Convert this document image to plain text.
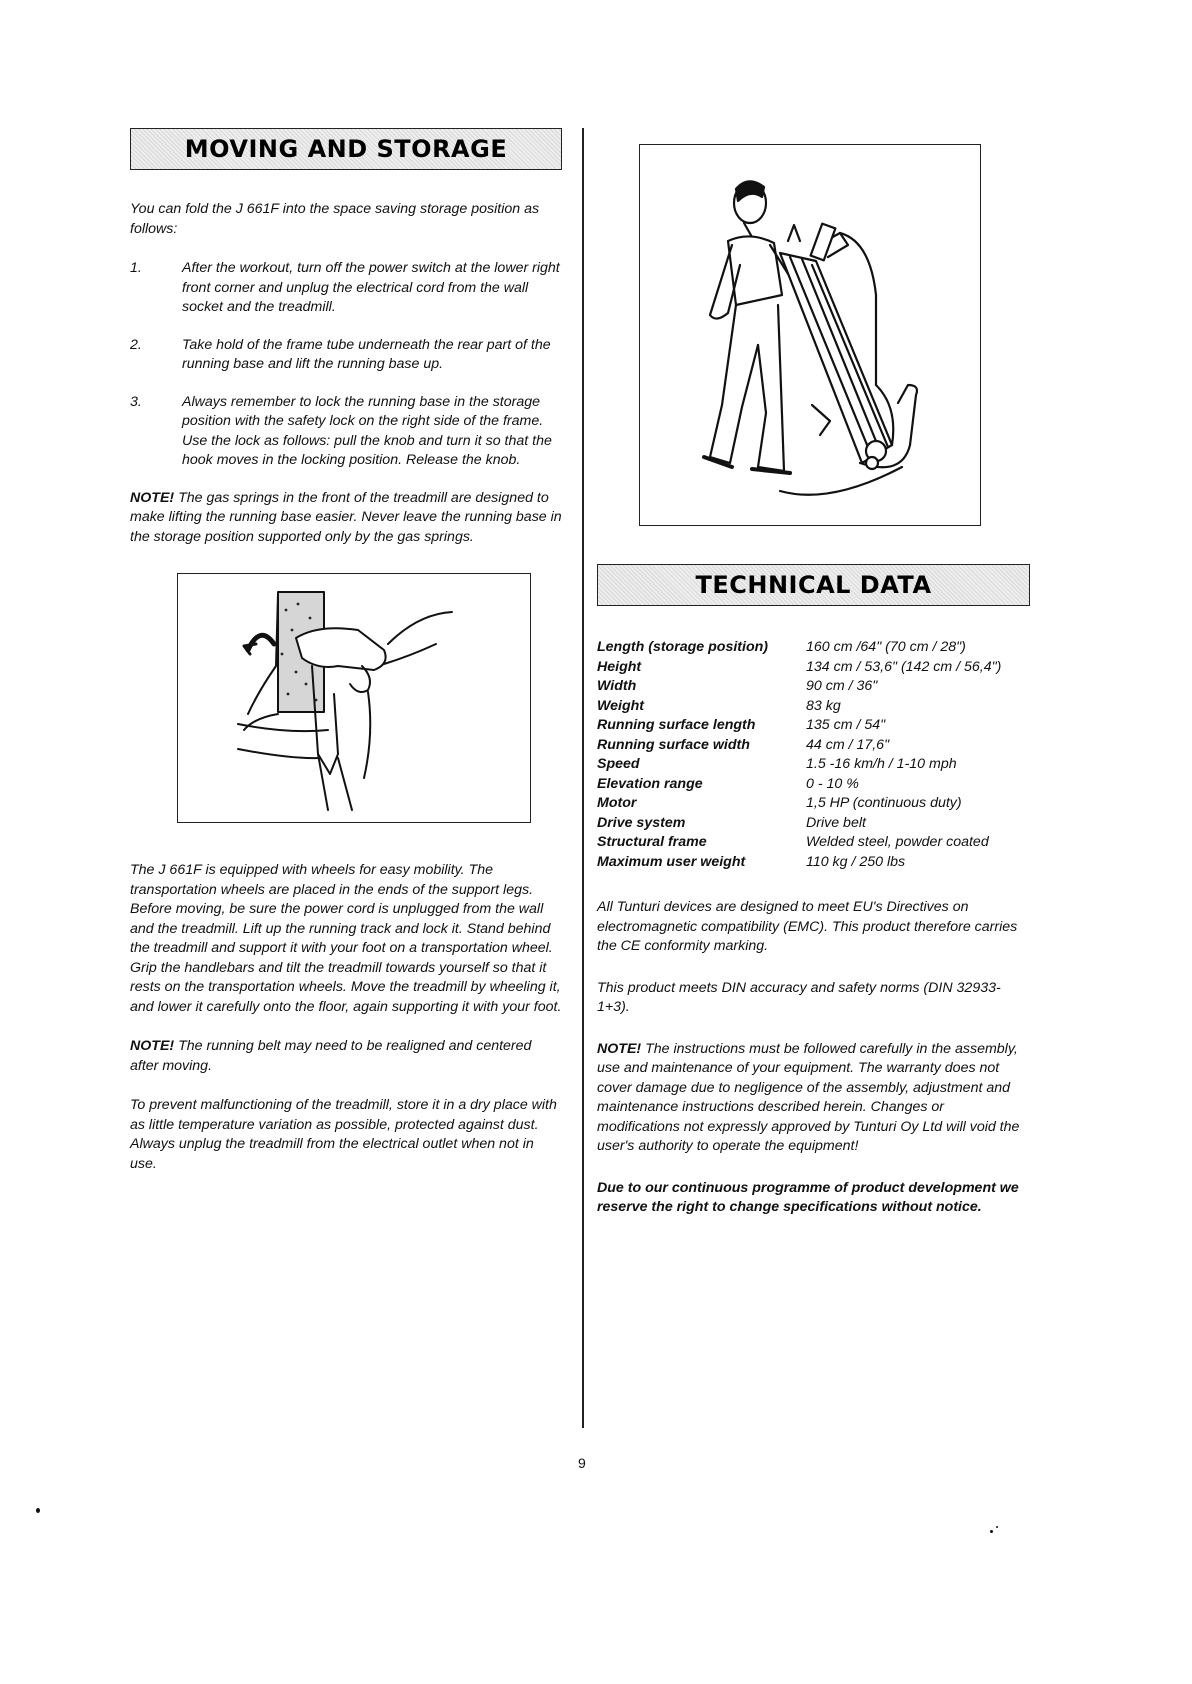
MOVING AND STORAGE

You can fold the J 661F into the space saving storage position as follows:

1.	After the workout, turn off the power switch at the lower right front corner and unplug the electrical cord from the wall socket and the treadmill.

2.	Take hold of the frame tube underneath the rear part of the running base and lift the running base up.

3.	Always remember to lock the running base in the storage position with the safety lock on the right side of the frame. Use the lock as follows: pull the knob and turn it so that the hook moves in the locking position. Release the knob.

NOTE! The gas springs in the front of the treadmill are designed to make lifting the running base easier. Never leave the running base in the storage position supported only by the gas springs.

The J 661F is equipped with wheels for easy mobility. The transportation wheels are placed in the ends of the support legs. Before moving, be sure the power cord is unplugged from the wall and the treadmill. Lift up the running track and lock it. Stand behind the treadmill and support it with your foot on a transportation wheel. Grip the handlebars and tilt the treadmill towards yourself so that it rests on the transportation wheels. Move the treadmill by wheeling it, and lower it carefully onto the floor, again supporting it with your foot.

NOTE! The running belt may need to be realigned and centered after moving.

To prevent malfunctioning of the treadmill, store it in a dry place with as little temperature variation as possible, protected against dust. Always unplug the treadmill from the electrical outlet when not in use.

TECHNICAL DATA
Length (storage position)	160 cm /64" (70 cm / 28")
Height	134 cm / 53,6" (142 cm / 56,4")
Width	90 cm / 36"
Weight	83 kg
Running surface length	135 cm / 54"
Running surface width	44 cm / 17,6"
Speed	1.5 -16 km/h / 1-10 mph
Elevation range	0 - 10 %
Motor	1,5 HP (continuous duty)
Drive system	Drive belt
Structural frame	Welded steel, powder coated
Maximum user weight	110 kg / 250 lbs

All Tunturi devices are designed to meet EU's Directives on electromagnetic compatibility (EMC). This product therefore carries the CE conformity marking.

This product meets DIN accuracy and safety norms (DIN 32933-1+3).

NOTE! The instructions must be followed carefully in the assembly, use and maintenance of your equipment. The warranty does not cover damage due to negligence of the assembly, adjustment and maintenance instructions described herein. Changes or modifications not expressly approved by Tunturi Oy Ltd will void the user's authority to operate the equipment!

Due to our continuous programme of product development we reserve the right to change specifications without notice.

9
